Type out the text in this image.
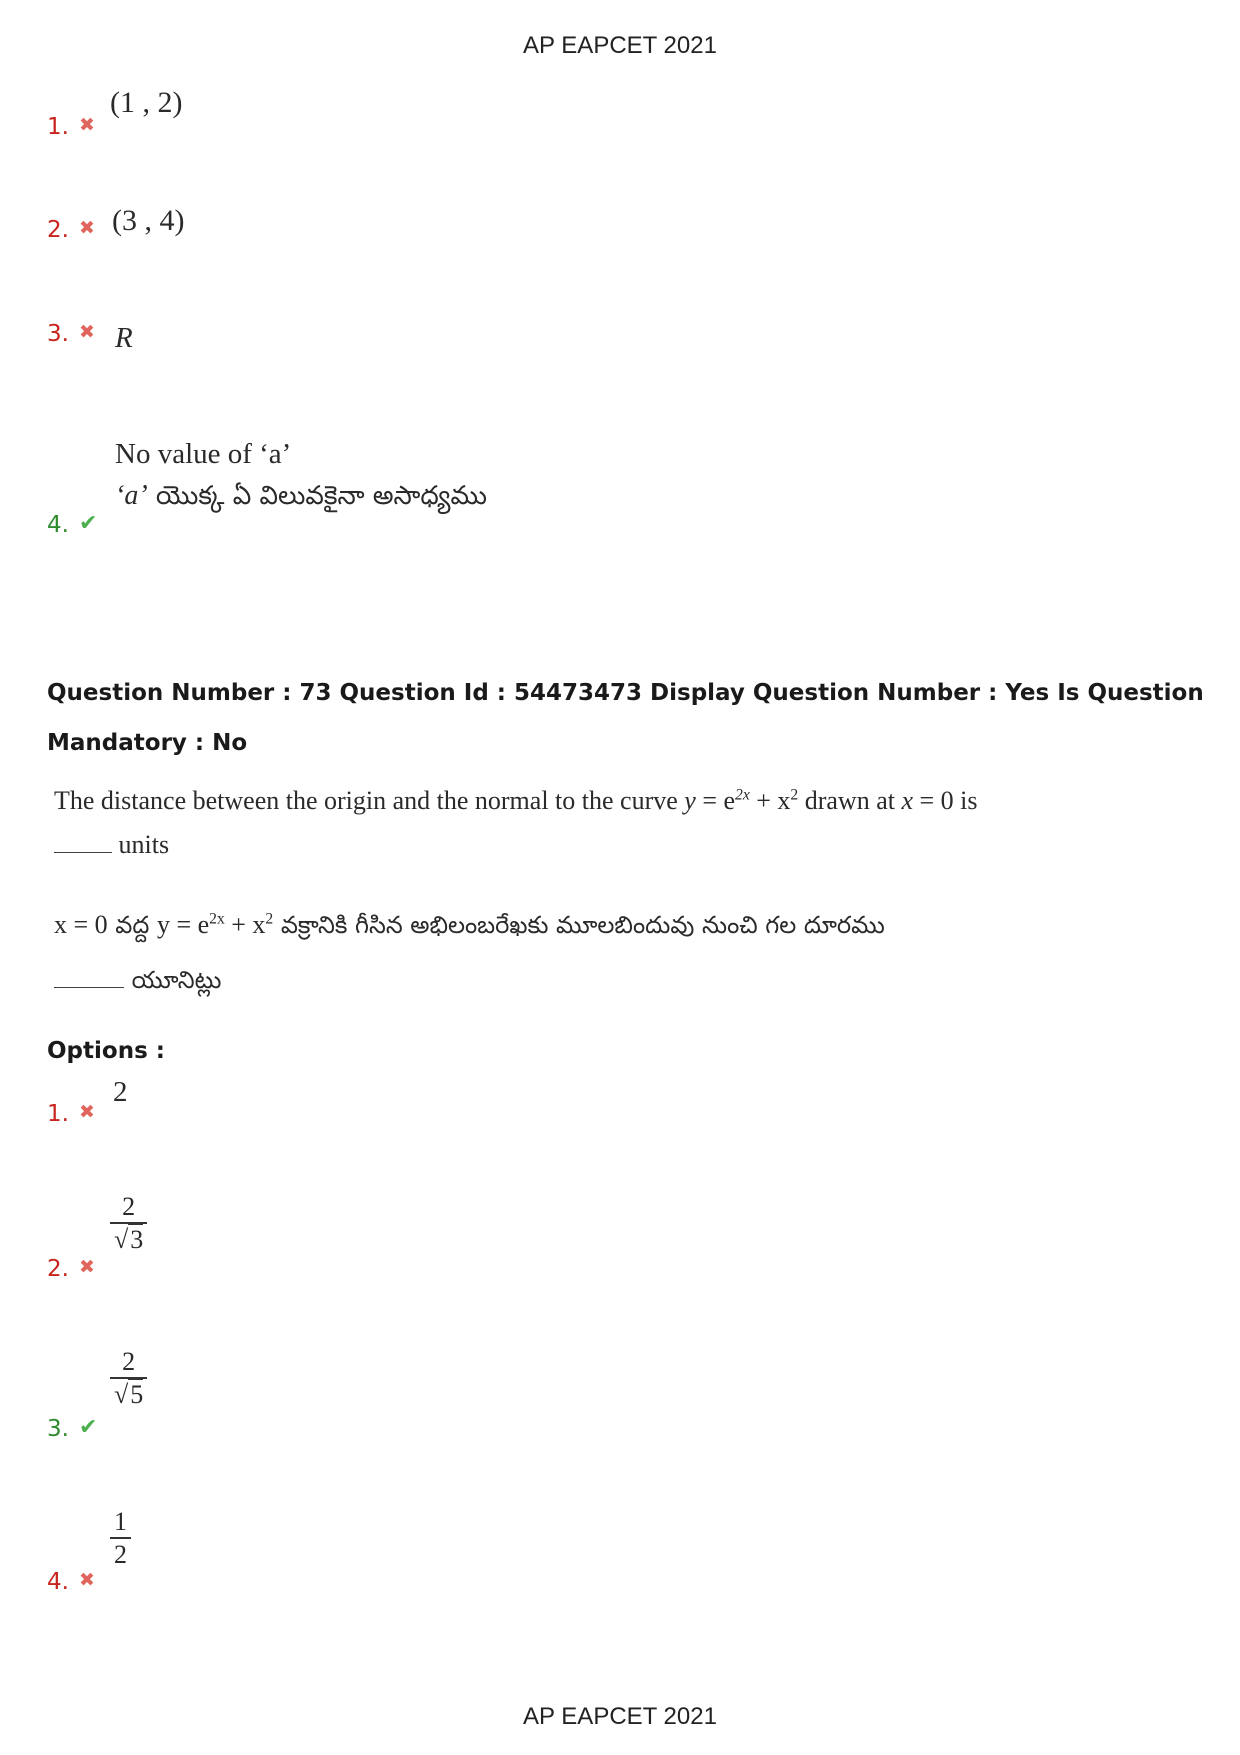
AP EAPCET 2021
1. ✖
(1 , 2)
2. ✖ (3 , 4)
3. ✖ R
4. ✔
No value of ‘a’
‘a’ యొక్క ఏ విలువకైనా అసాధ్యము
Question Number : 73 Question Id : 54473473 Display Question Number : Yes Is Question
Mandatory : No
The distance between the origin and the normal to the curve $y = e^{2x} + x^2$ drawn at x = 0 is
units
x = 0 వద్ద $y = e^{2x} + x^2$ వక్రానికి గీసిన అభిలంబరేఖకు మూలబిందువు నుంచి గల దూరము
యూనిట్లు
Options :
1. ✖
2
2. ✖
2
√3
3. ✔
2
√5
4. ✖
1
2
AP EAPCET 2021
